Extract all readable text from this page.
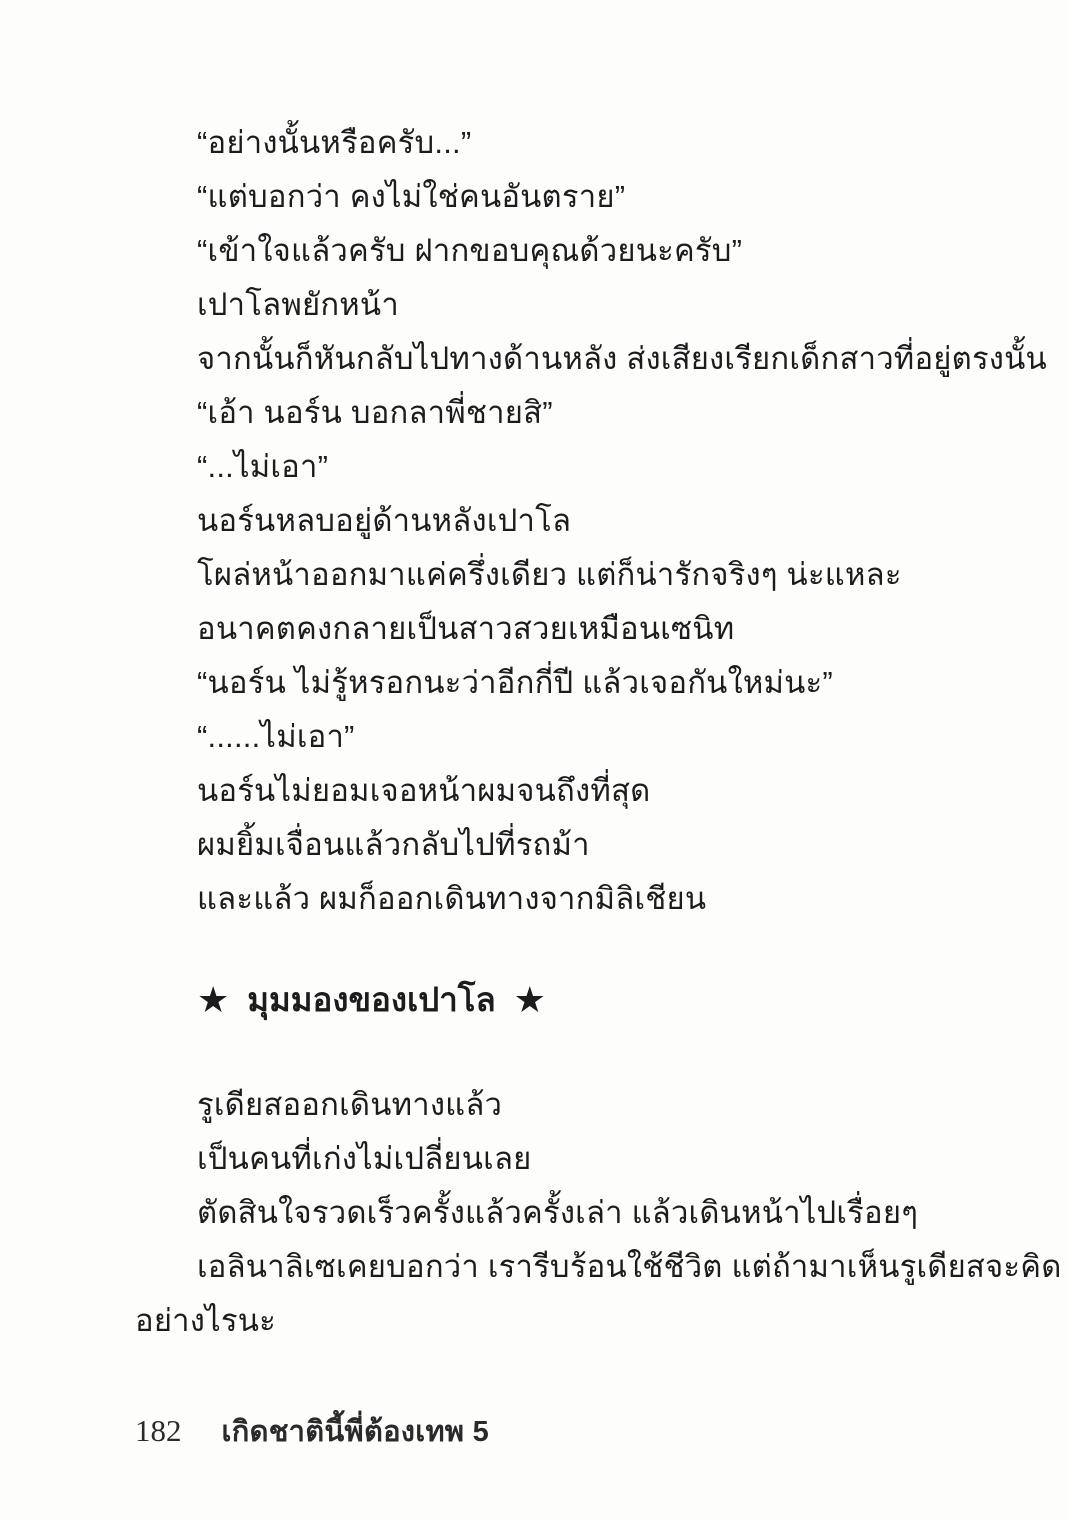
“อย่างนั้นหรือครับ...”
“แต่บอกว่า คงไม่ใช่คนอันตราย”
“เข้าใจแล้วครับ ฝากขอบคุณด้วยนะครับ”
เปาโลพยักหน้า
จากนั้นก็หันกลับไปทางด้านหลัง ส่งเสียงเรียกเด็กสาวที่อยู่ตรงนั้น
“เอ้า นอร์น บอกลาพี่ชายสิ”
“...ไม่เอา”
นอร์นหลบอยู่ด้านหลังเปาโล
โผล่หน้าออกมาแค่ครึ่งเดียว แต่ก็น่ารักจริงๆ น่ะแหละ
อนาคตคงกลายเป็นสาวสวยเหมือนเซนิท
“นอร์น ไม่รู้หรอกนะว่าอีกกี่ปี แล้วเจอกันใหม่นะ”
“......ไม่เอา”
นอร์นไม่ยอมเจอหน้าผมจนถึงที่สุด
ผมยิ้มเจื่อนแล้วกลับไปที่รถม้า
และแล้ว ผมก็ออกเดินทางจากมิลิเชียน
★ มุมมองของเปาโล ★
รูเดียสออกเดินทางแล้ว
เป็นคนที่เก่งไม่เปลี่ยนเลย
ตัดสินใจรวดเร็วครั้งแล้วครั้งเล่า แล้วเดินหน้าไปเรื่อยๆ
เอลินาลิเซเคยบอกว่า เรารีบร้อนใช้ชีวิต แต่ถ้ามาเห็นรูเดียสจะคิด
อย่างไรนะ
182 เกิดชาตินี้พี่ต้องเทพ 5
